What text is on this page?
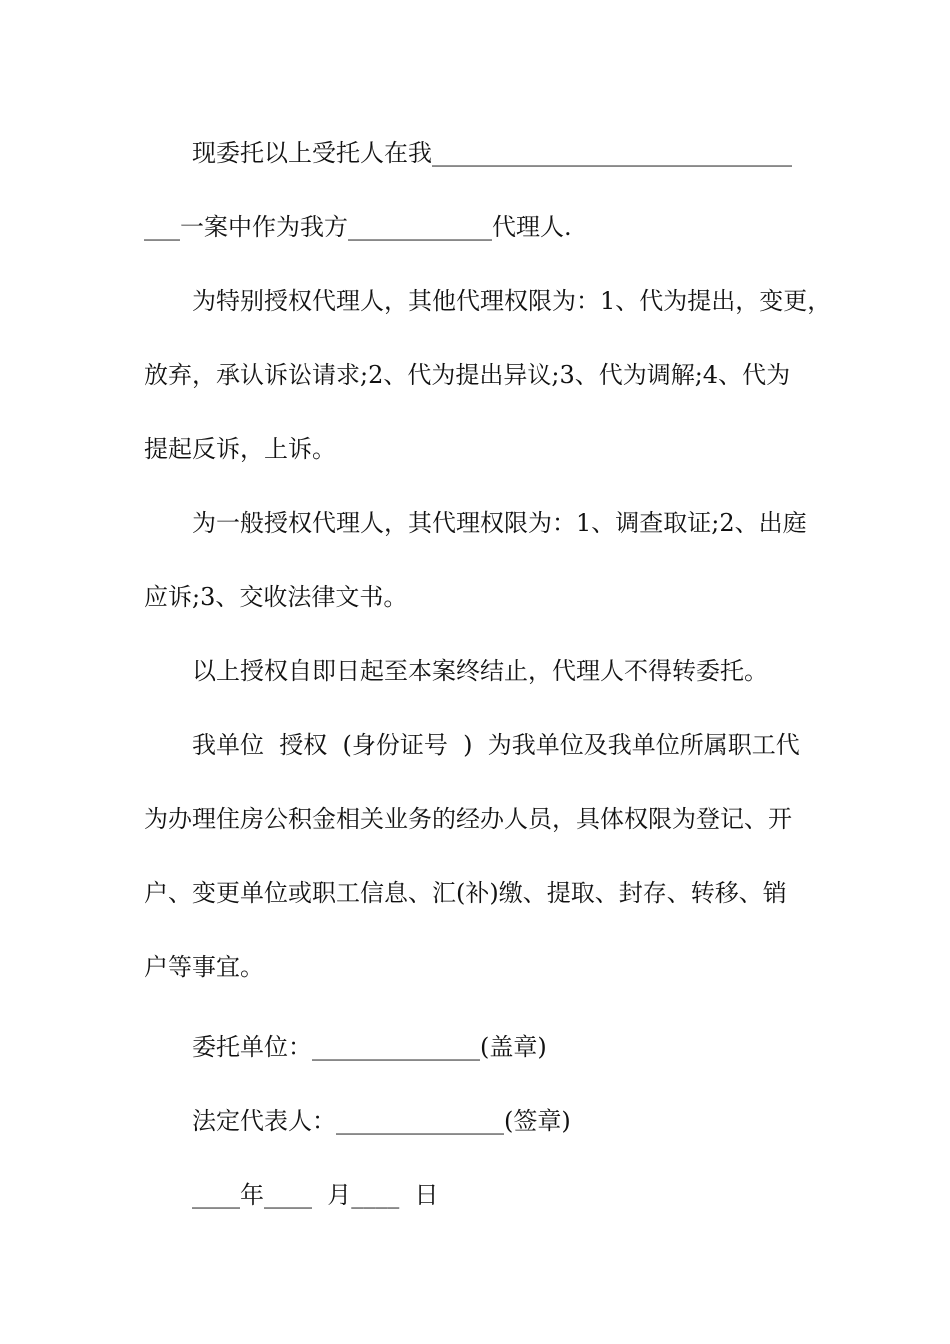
现委托以上受托人在我______________________________
___一案中作为我方____________代理人.
为特别授权代理人，其他代理权限为：1、代为提出，变更，
放弃，承认诉讼请求;2、代为提出异议;3、代为调解;4、代为
提起反诉，上诉。
为一般授权代理人，其代理权限为：1、调查取证;2、出庭
应诉;3、交收法律文书。
以上授权自即日起至本案终结止，代理人不得转委托。
我单位  授权  (身份证号  )  为我单位及我单位所属职工代
为办理住房公积金相关业务的经办人员，具体权限为登记、开
户、变更单位或职工信息、汇(补)缴、提取、封存、转移、销
户等事宜。
委托单位：______________(盖章)
法定代表人：______________(签章)
____年____  月____  日
